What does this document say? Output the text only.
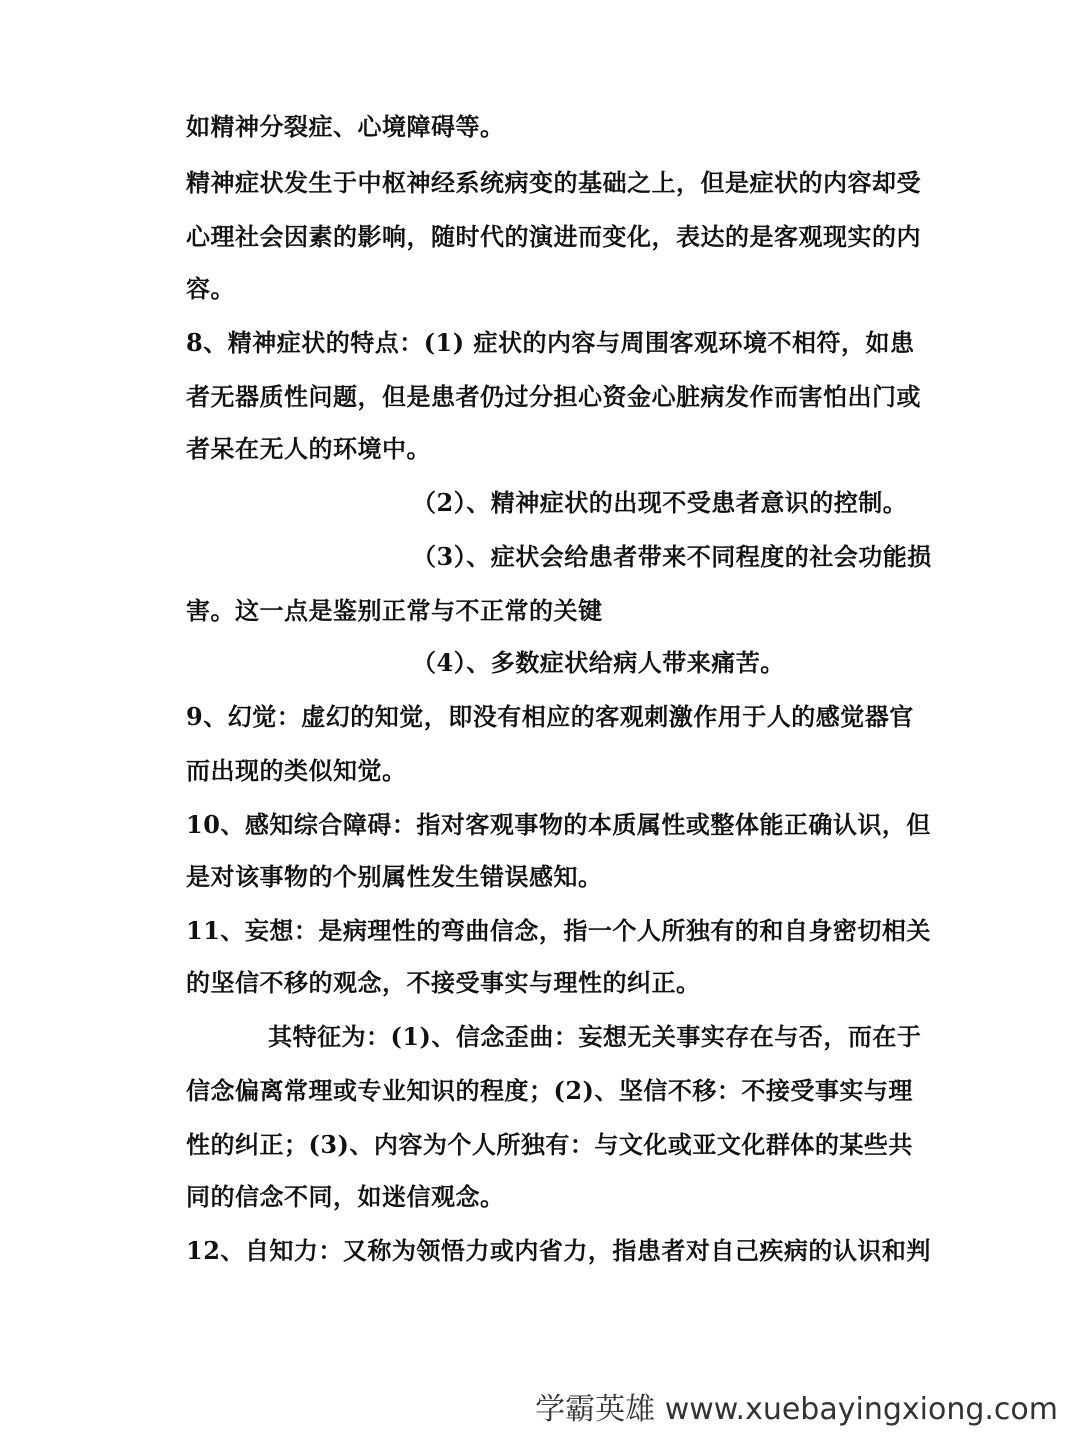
如精神分裂症、心境障碍等。
精神症状发生于中枢神经系统病变的基础之上，但是症状的内容却受
心理社会因素的影响，随时代的演进而变化，表达的是客观现实的内
容。
8、精神症状的特点：(1) 症状的内容与周围客观环境不相符，如患
者无器质性问题，但是患者仍过分担心资金心脏病发作而害怕出门或
者呆在无人的环境中。
（2）、精神症状的出现不受患者意识的控制。
（3）、症状会给患者带来不同程度的社会功能损
害。这一点是鉴别正常与不正常的关键
（4）、多数症状给病人带来痛苦。
9、幻觉：虚幻的知觉，即没有相应的客观刺激作用于人的感觉器官
而出现的类似知觉。
10、感知综合障碍：指对客观事物的本质属性或整体能正确认识，但
是对该事物的个别属性发生错误感知。
11、妄想：是病理性的弯曲信念，指一个人所独有的和自身密切相关
的坚信不移的观念，不接受事实与理性的纠正。
其特征为：(1)、信念歪曲：妄想无关事实存在与否，而在于
信念偏离常理或专业知识的程度；(2)、坚信不移：不接受事实与理
性的纠正；(3)、内容为个人所独有：与文化或亚文化群体的某些共
同的信念不同，如迷信观念。
12、自知力：又称为领悟力或内省力，指患者对自己疾病的认识和判
学霸英雄 www.xuebayingxiong.com
